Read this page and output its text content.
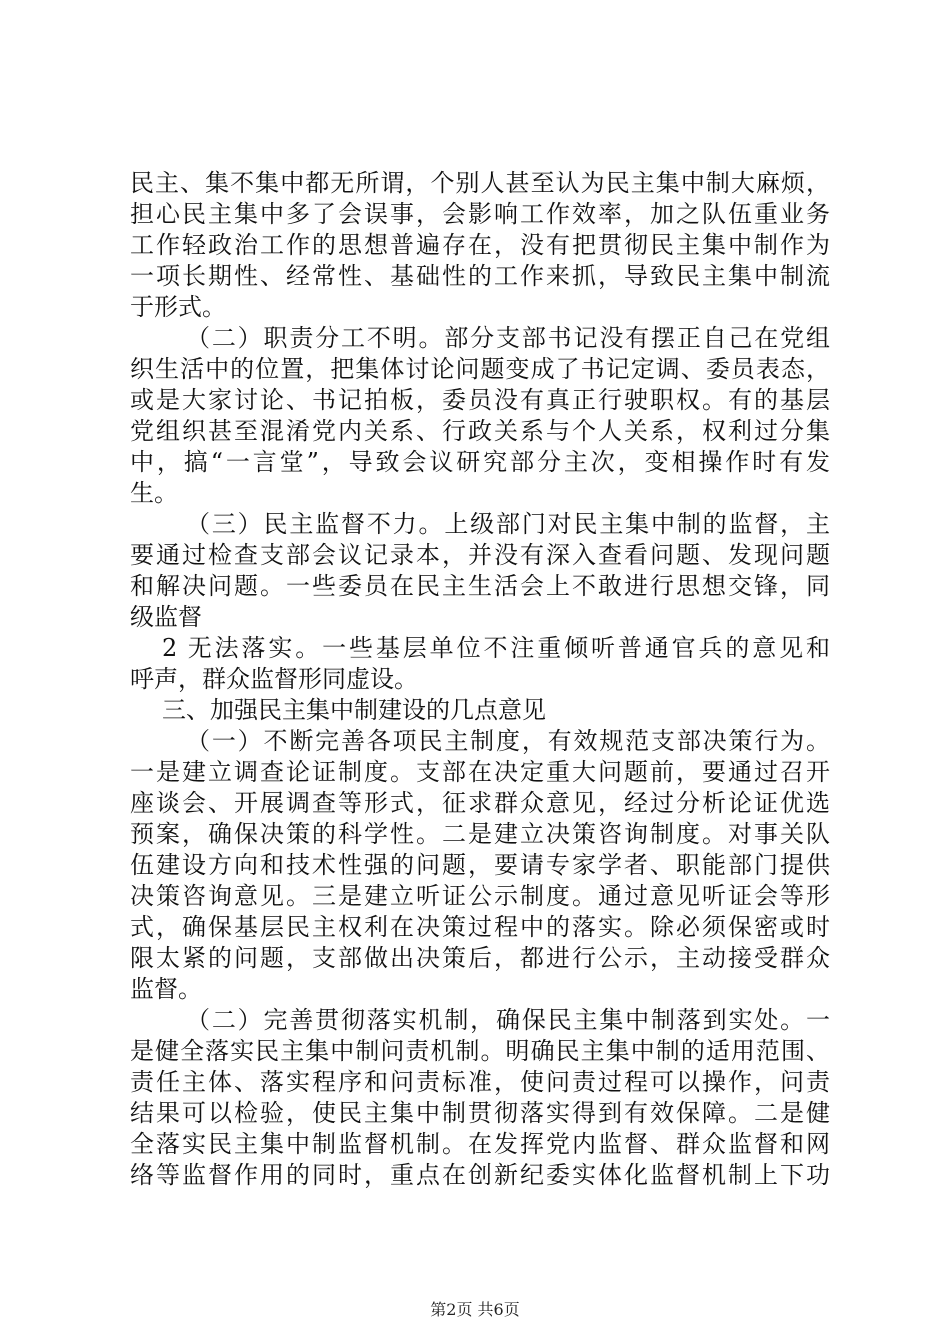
民主、集不集中都无所谓，个别人甚至认为民主集中制大麻烦，
担心民主集中多了会误事，会影响工作效率，加之队伍重业务
工作轻政治工作的思想普遍存在，没有把贯彻民主集中制作为
一项长期性、经常性、基础性的工作来抓，导致民主集中制流
于形式。
（二）职责分工不明。部分支部书记没有摆正自己在党组
织生活中的位置，把集体讨论问题变成了书记定调、委员表态，
或是大家讨论、书记拍板，委员没有真正行驶职权。有的基层
党组织甚至混淆党内关系、行政关系与个人关系，权利过分集
中，搞“一言堂”，导致会议研究部分主次，变相操作时有发
生。
（三）民主监督不力。上级部门对民主集中制的监督，主
要通过检查支部会议记录本，并没有深入查看问题、发现问题
和解决问题。一些委员在民主生活会上不敢进行思想交锋，同
级监督
2 无法落实。一些基层单位不注重倾听普通官兵的意见和
呼声，群众监督形同虚设。
三、加强民主集中制建设的几点意见
（一）不断完善各项民主制度，有效规范支部决策行为。
一是建立调查论证制度。支部在决定重大问题前，要通过召开
座谈会、开展调查等形式，征求群众意见，经过分析论证优选
预案，确保决策的科学性。二是建立决策咨询制度。对事关队
伍建设方向和技术性强的问题，要请专家学者、职能部门提供
决策咨询意见。三是建立听证公示制度。通过意见听证会等形
式，确保基层民主权利在决策过程中的落实。除必须保密或时
限太紧的问题，支部做出决策后，都进行公示，主动接受群众
监督。
（二）完善贯彻落实机制，确保民主集中制落到实处。一
是健全落实民主集中制问责机制。明确民主集中制的适用范围、
责任主体、落实程序和问责标准，使问责过程可以操作，问责
结果可以检验，使民主集中制贯彻落实得到有效保障。二是健
全落实民主集中制监督机制。在发挥党内监督、群众监督和网
络等监督作用的同时，重点在创新纪委实体化监督机制上下功
第2页 共6页
